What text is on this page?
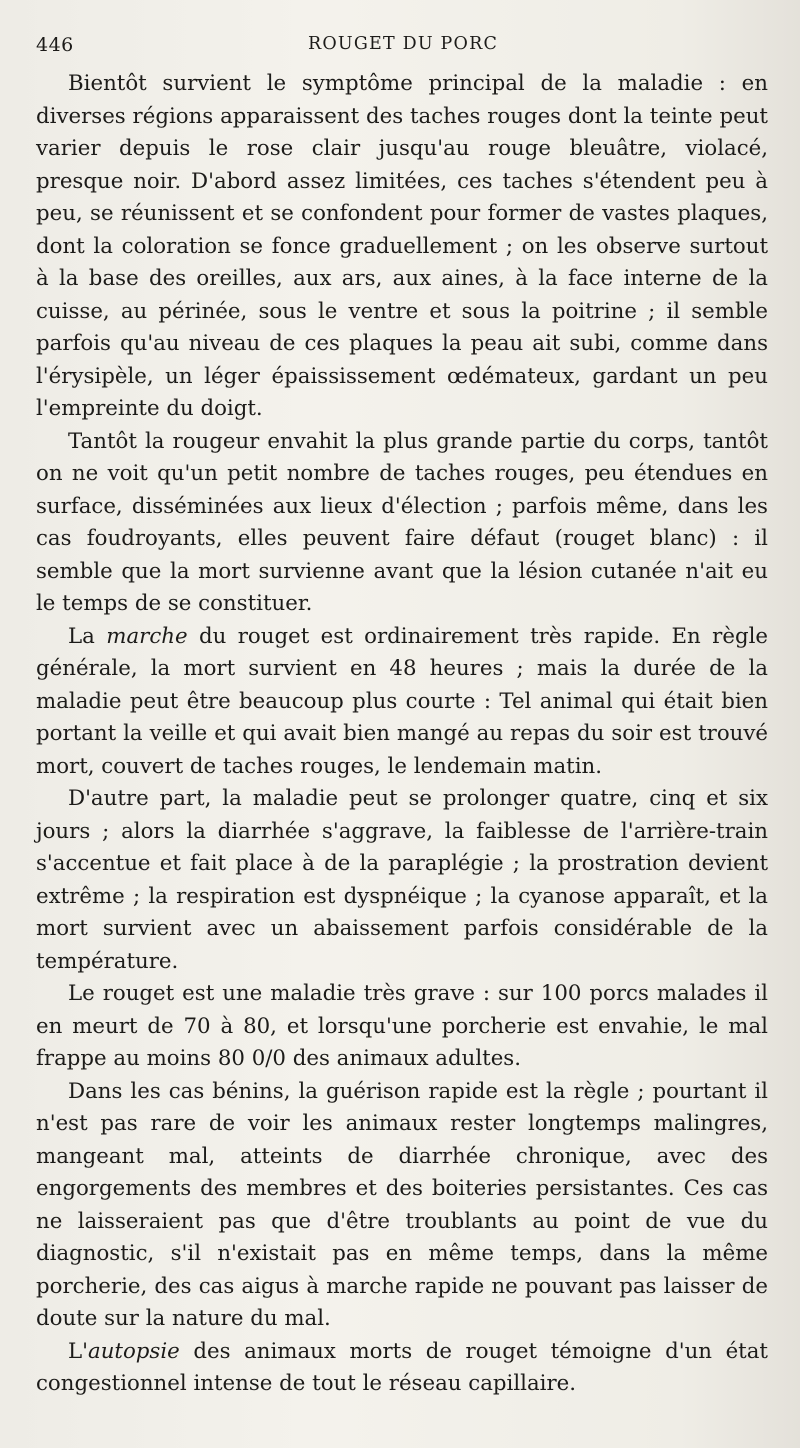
446	ROUGET DU PORC

Bientôt survient le symptôme principal de la maladie : en diverses régions apparaissent des taches rouges dont la teinte peut varier depuis le rose clair jusqu'au rouge bleuâtre, violacé, presque noir. D'abord assez limitées, ces taches s'étendent peu à peu, se réunissent et se confondent pour former de vastes plaques, dont la coloration se fonce graduellement ; on les observe surtout à la base des oreilles, aux ars, aux aines, à la face interne de la cuisse, au périnée, sous le ventre et sous la poitrine ; il semble parfois qu'au niveau de ces plaques la peau ait subi, comme dans l'érysipèle, un léger épaississement œdémateux, gardant un peu l'empreinte du doigt.

Tantôt la rougeur envahit la plus grande partie du corps, tantôt on ne voit qu'un petit nombre de taches rouges, peu étendues en surface, disséminées aux lieux d'élection ; parfois même, dans les cas foudroyants, elles peuvent faire défaut (rouget blanc) : il semble que la mort survienne avant que la lésion cutanée n'ait eu le temps de se constituer.

La marche du rouget est ordinairement très rapide. En règle générale, la mort survient en 48 heures ; mais la durée de la maladie peut être beaucoup plus courte : Tel animal qui était bien portant la veille et qui avait bien mangé au repas du soir est trouvé mort, couvert de taches rouges, le lendemain matin.

D'autre part, la maladie peut se prolonger quatre, cinq et six jours ; alors la diarrhée s'aggrave, la faiblesse de l'arrière-train s'accentue et fait place à de la paraplégie ; la prostration devient extrême ; la respiration est dyspnéique ; la cyanose apparaît, et la mort survient avec un abaissement parfois considérable de la température.

Le rouget est une maladie très grave : sur 100 porcs malades il en meurt de 70 à 80, et lorsqu'une porcherie est envahie, le mal frappe au moins 80 0/0 des animaux adultes.

Dans les cas bénins, la guérison rapide est la règle ; pourtant il n'est pas rare de voir les animaux rester longtemps malingres, mangeant mal, atteints de diarrhée chronique, avec des engorgements des membres et des boiteries persistantes. Ces cas ne laisseraient pas que d'être troublants au point de vue du diagnostic, s'il n'existait pas en même temps, dans la même porcherie, des cas aigus à marche rapide ne pouvant pas laisser de doute sur la nature du mal.

L'autopsie des animaux morts de rouget témoigne d'un état congestionnel intense de tout le réseau capillaire.
